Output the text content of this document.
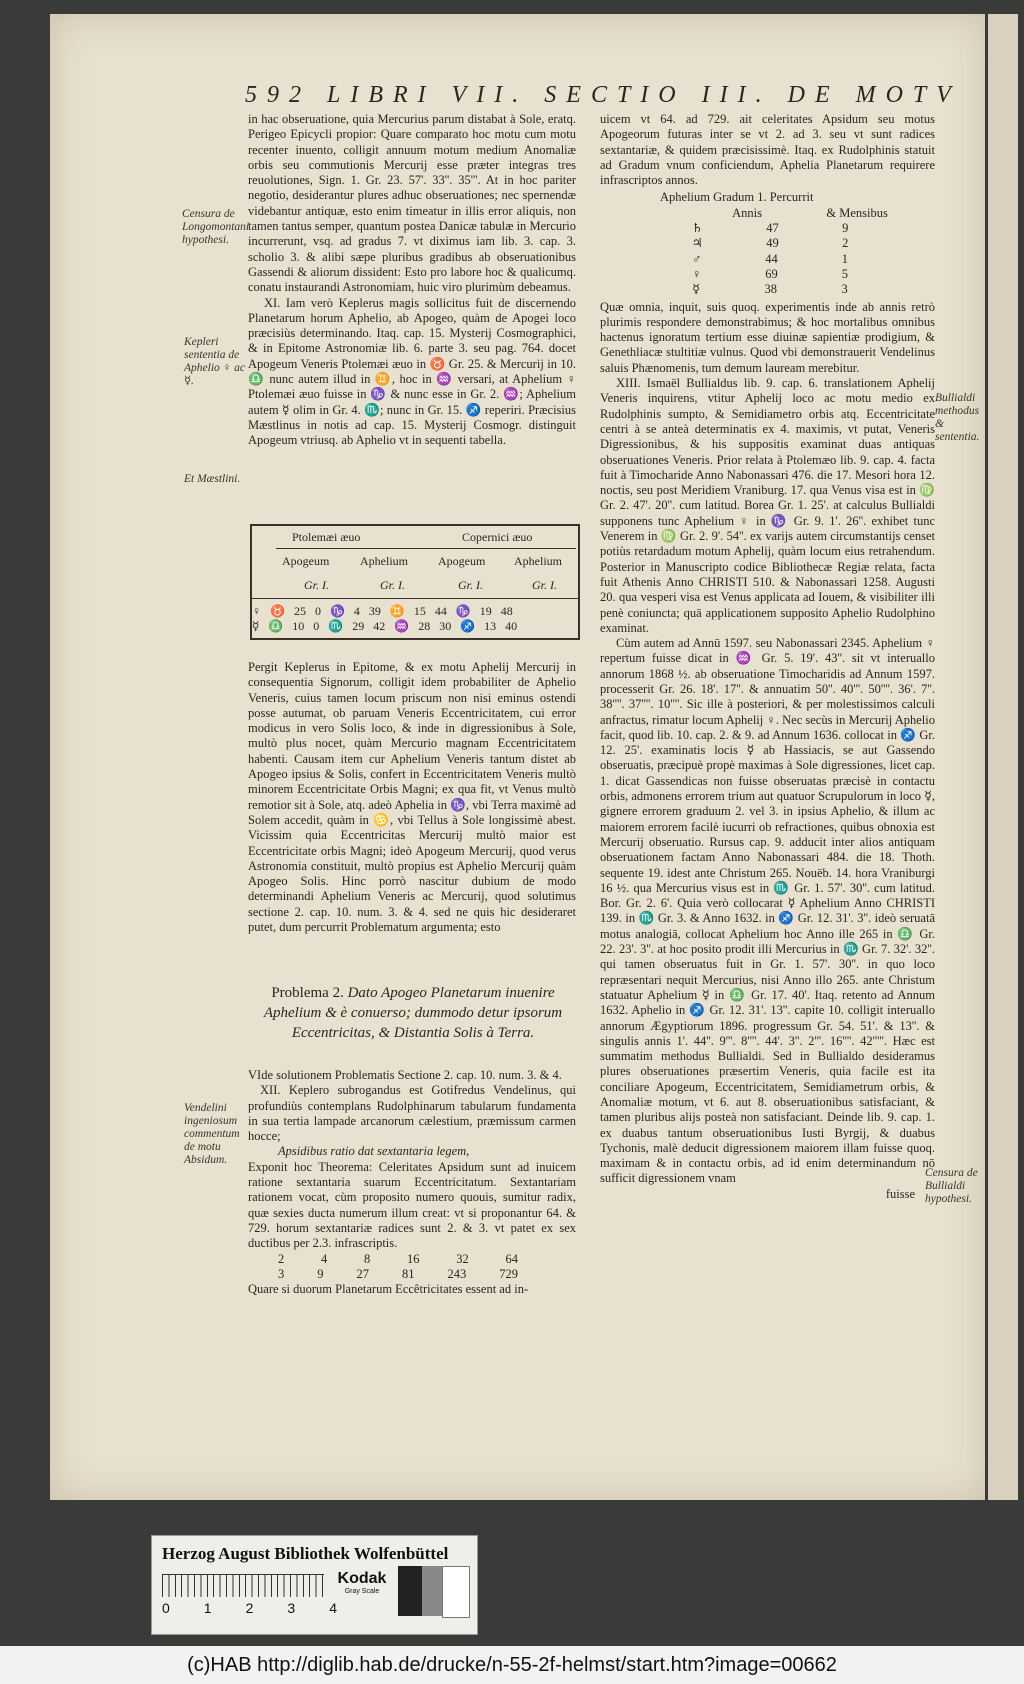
592 LIBRI VII. SECTIO III. DE MOTV
Censura de Longomontani hypothesi.
Kepleri sententia de Aphelio ♀ ac ☿.
Et Mæstlini.
Vendelini ingeniosum commentum de motu Absidum.
Bullialdi methodus & sententia.
Censura de Bullialdi hypothesi.

in hac obseruatione, quia Mercurius parum distabat à Sole, eratq. Perigeo Epicycli propior: Quare comparato hoc motu cum motu recenter inuento, colligit annuum motum medium Anomaliæ orbis seu commutionis Mercurij esse præter integras tres reuolutiones, Sign. 1. Gr. 23. 57'. 33''. 35'''. At in hoc pariter negotio, desiderantur plures adhuc obseruationes; nec spernendæ videbantur antiquæ, esto enim timeatur in illis error aliquis, non tamen tantus semper, quantum postea Danicæ tabulæ in Mercurio incurrerunt, vsq. ad gradus 7. vt diximus iam lib. 3. cap. 3. scholio 3. & alibi sæpe pluribus gradibus ab obseruationibus Gassendi & aliorum dissident: Esto pro labore hoc & qualicumq. conatu instaurandi Astronomiam, huic viro plurimùm debeamus.

XI. Iam verò Keplerus magis sollicitus fuit de discernendo Planetarum horum Aphelio, ab Apogeo, quàm de Apogei loco præcisiùs determinando. Itaq. cap. 15. Mysterij Cosmographici, & in Epitome Astronomiæ lib. 6. parte 3. seu pag. 764. docet Apogeum Veneris Ptolemæi æuo in ♉ Gr. 25. & Mercurij in 10. ♎ nunc autem illud in ♊, hoc in ♒ versari, at Aphelium ♀ Ptolemæi æuo fuisse in ♑ & nunc esse in Gr. 2. ♒; Aphelium autem ☿ olim in Gr. 4. ♏; nunc in Gr. 15. ♐ reperiri. Præcisius Mæstlinus in notis ad cap. 15. Mysterij Cosmogr. distinguit Apogeum vtriusq. ab Aphelio vt in sequenti tabella.

Ptolemæi æuo	Copernici æuo
Apogeum	Aphelium	Apogeum Aphelium
Gr. I.	Gr. I.	Gr. I.	Gr. I.
♀ ♉ 25 0 ♑ 4 39 ♊ 15 44 ♑ 19 48
☿ ♎ 10 0 ♏ 29 42 ♒ 28 30 ♐ 13 40

Pergit Keplerus in Epitome, & ex motu Aphelij Mercurij in consequentia Signorum, colligit idem probabiliter de Aphelio Veneris, cuius tamen locum priscum non nisi eminus ostendi posse autumat, ob paruam Veneris Eccentricitatem, cui error modicus in vero Solis loco, & inde in digressionibus à Sole, multò plus nocet, quàm Mercurio magnam Eccentricitatem habenti. Causam item cur Aphelium Veneris tantum distet ab Apogeo ipsius & Solis, confert in Eccentricitatem Veneris multò minorem Eccentricitate Orbis Magni; ex qua fit, vt Venus multò remotior sit à Sole, atq. adeò Aphelia in ♑, vbi Terra maximè ad Solem accedit, quàm in ♋, vbi Tellus à Sole longissimè abest. Vicissim quia Eccentricitas Mercurij multò maior est Eccentricitate orbis Magni; ideò Apogeum Mercurij, quod verus Astronomia constituit, multò propius est Aphelio Mercurij quàm Apogeo Solis. Hinc porrò nascitur dubium de modo determinandi Aphelium Veneris ac Mercurij, quod solutimus sectione 2. cap. 10. num. 3. & 4. sed ne quis hic desideraret putet, dum percurrit Problematum argumenta; esto

Problema 2. Dato Apogeo Planetarum inuenire Aphelium & è conuerso; dummodo detur ipsorum Eccentricitas, & Distantia Solis à Terra.

VIde solutionem Problematis Sectione 2. cap. 10. num. 3. & 4.

XII. Keplero subrogandus est Gotifredus Vendelinus, qui profundiùs contemplans Rudolphinarum tabularum fundamenta in sua tertia lampade arcanorum cælestium, præmissum carmen hocce;

Apsidibus ratio dat sextantaria legem,

Exponit hoc Theorema: Celeritates Apsidum sunt ad inuicem ratione sextantaria suarum Eccentricitatum. Sextantariam rationem vocat, cùm proposito numero quouis, sumitur radix, quæ sexies ducta numerum illum creat: vt si proponantur 64. & 729. horum sextantariæ radices sunt 2. & 3. vt patet ex sex ductibus per 2.3. infrascriptis.

2	4	8	16	32	64
3	9	27	81	243	729

Quare si duorum Planetarum Eccêtricitates essent ad in-

uicem vt 64. ad 729. ait celeritates Apsidum seu motus Apogeorum futuras inter se vt 2. ad 3. seu vt sunt radices sextantariæ, & quidem præcisissimè. Itaq. ex Rudolphinis statuit ad Gradum vnum conficiendum, Aphelia Planetarum requirere infrascriptos annos.

Aphelium Gradum 1. Percurrit
Annis	& Mensibus
♄	47	9
♃	49	2
♂	44	1
♀	69	5
☿	38	3

Quæ omnia, inquit, suis quoq. experimentis inde ab annis retrò plurimis respondere demonstrabimus; & hoc mortalibus omnibus hactenus ignoratum tertium esse diuinæ sapientiæ prodigium, & Genethliacæ stultitiæ vulnus. Quod vbi demonstrauerit Vendelinus saluis Phænomenis, tum demum lauream merebitur.

XIII. Ismaël Bullialdus lib. 9. cap. 6. translationem Aphelij Veneris inquirens, vtitur Aphelij loco ac motu medio ex Rudolphinis sumpto, & Semidiametro orbis atq. Eccentricitate centri à se anteà determinatis ex 4. maximis, vt putat, Veneris Digressionibus, & his suppositis examinat duas antiquas obseruationes Veneris. Prior relata à Ptolemæo lib. 9. cap. 4. facta fuit à Timocharide Anno Nabonassari 476. die 17. Mesori hora 12. noctis, seu post Meridiem Vraniburg. 17. qua Venus visa est in ♍ Gr. 2. 47'. 20''. cum latitud. Borea Gr. 1. 25'. at calculus Bullialdi supponens tunc Aphelium ♀ in ♑ Gr. 9. 1'. 26''. exhibet tunc Venerem in ♍ Gr. 2. 9'. 54''. ex varijs autem circumstantijs censet potiùs retardadum motum Aphelij, quàm locum eius retrahendum. Posterior in Manuscripto codice Bibliothecæ Regiæ relata, facta fuit Athenis Anno CHRISTI 510. & Nabonassari 1258. Augusti 20. qua vesperi visa est Venus applicata ad Iouem, & visibiliter illi penè coniuncta; quā applicationem supposito Aphelio Rudolphino examinat.

Cùm autem ad Annū 1597. seu Nabonassari 2345. Aphelium ♀ repertum fuisse dicat in ♒ Gr. 5. 19'. 43''. sit vt interuallo annorum 1868 ½. ab obseruatione Timocharidis ad Annum 1597. processerit Gr. 26. 18'. 17''. & annuatim 50''. 40'''. 50''''. 36'. 7''. 38''''. 37''''. 10''''. Sic ille à posteriori, & per molestissimos calculi anfractus, rimatur locum Aphelij ♀. Nec secùs in Mercurij Aphelio facit, quod lib. 10. cap. 2. & 9. ad Annum 1636. collocat in ♐ Gr. 12. 25'. examinatis locis ☿ ab Hassiacis, se aut Gassendo obseruatis, præcipuè propè maximas à Sole digressiones, licet cap. 1. dicat Gassendicas non fuisse obseruatas præcisè in contactu orbis, admonens errorem trium aut quatuor Scrupulorum in loco ☿, gignere errorem graduum 2. vel 3. in ipsius Aphelio, & illum ac maiorem errorem facilè iucurri ob refractiones, quibus obnoxia est Mercurij obseruatio. Rursus cap. 9. adducit inter alios antiquam obseruationem factam Anno Nabonassari 484. die 18. Thoth. sequente 19. idest ante Christum 265. Nouëb. 14. hora Vraniburgi 16 ½. qua Mercurius visus est in ♏ Gr. 1. 57'. 30''. cum latitud. Bor. Gr. 2. 6'. Quia verò collocarat ☿ Aphelium Anno CHRISTI 139. in ♏ Gr. 3. & Anno 1632. in ♐ Gr. 12. 31'. 3''. ideò seruatā motus analogiā, collocat Aphelium hoc Anno ille 265 in ♎ Gr. 22. 23'. 3''. at hoc posito prodit illi Mercurius in ♏ Gr. 7. 32'. 32''. qui tamen obseruatus fuit in Gr. 1. 57'. 30''. in quo loco repræsentari nequit Mercurius, nisi Anno illo 265. ante Christum statuatur Aphelium ☿ in ♎ Gr. 17. 40'. Itaq. retento ad Annum 1632. Aphelio in ♐ Gr. 12. 31'. 13''. capite 10. colligit interuallo annorum Ægyptiorum 1896. progressum Gr. 54. 51'. & 13''. & singulis annis 1'. 44''. 9'''. 8''''. 44'. 3''. 2'''. 16''''. 42'''''. Hæc est summatim methodus Bullialdi. Sed in Bullialdo desideramus plures obseruationes præsertim Veneris, quia facile est ita conciliare Apogeum, Eccentricitatem, Semidiametrum orbis, & Anomaliæ motum, vt 6. aut 8. obseruationibus satisfaciant, & tamen pluribus alijs posteà non satisfaciant. Deinde lib. 9. cap. 1. ex duabus tantum obseruationibus Iusti Byrgij, & duabus Tychonis, malè deducit digressionem maiorem illam fuisse quoq. maximam & in contactu orbis, ad id enim determinandum nō sufficit digressionem vnam

fuisse

Herzog August Bibliothek Wolfenbüttel
0 1 2 3 4
Kodak
Gray Scale
(c)HAB http://diglib.hab.de/drucke/n-55-2f-helmst/start.htm?image=00662
